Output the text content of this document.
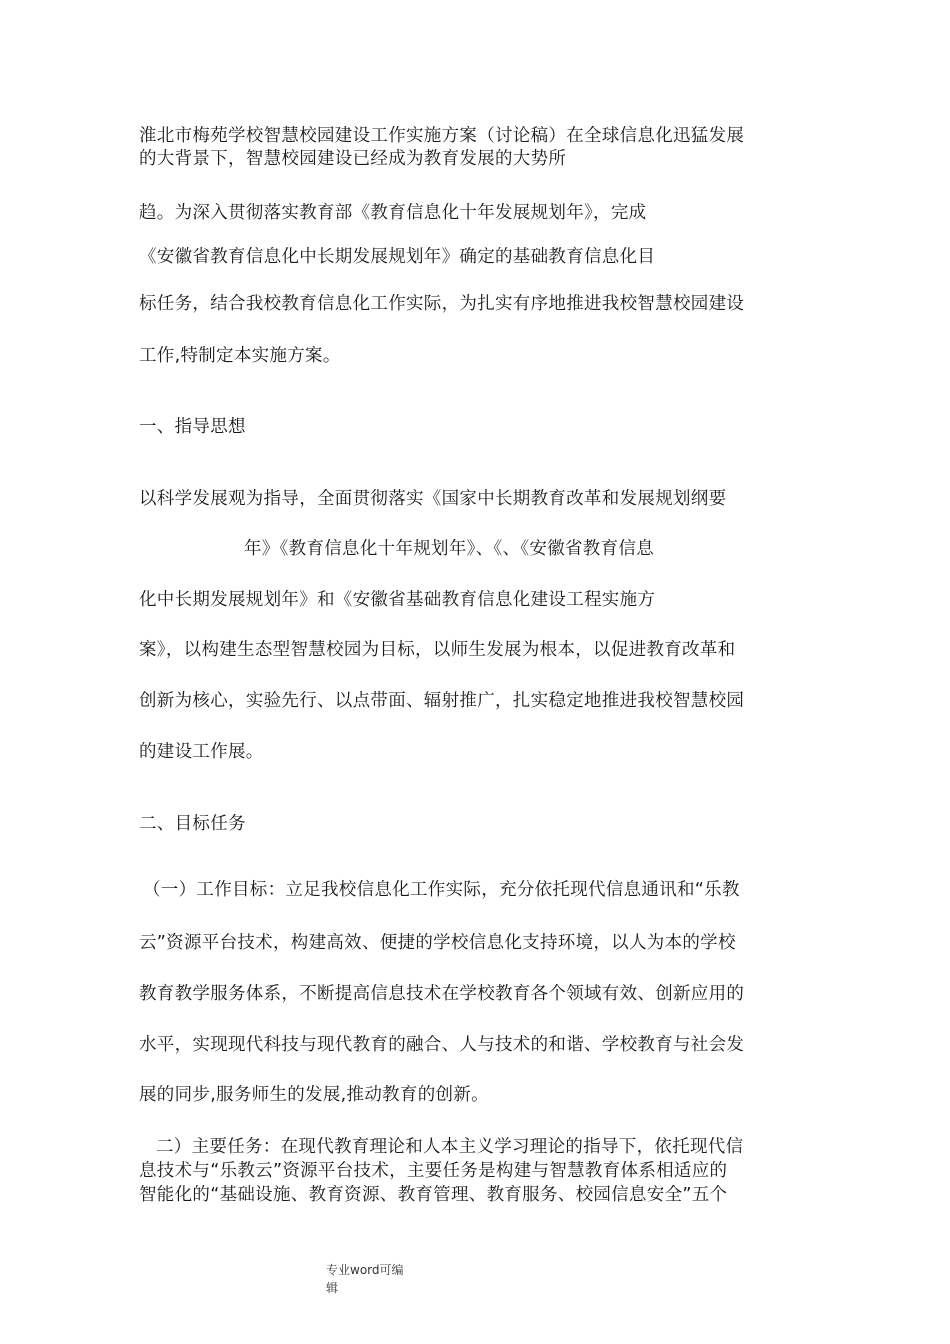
淮北市梅苑学校智慧校园建设工作实施方案（讨论稿）在全球信息化迅猛发展
的大背景下，智慧校园建设已经成为教育发展的大势所
趋。为深入贯彻落实教育部《教育信息化十年发展规划年》，完成
《安徽省教育信息化中长期发展规划年》确定的基础教育信息化目
标任务，结合我校教育信息化工作实际，为扎实有序地推进我校智慧校园建设
工作,特制定本实施方案。
一、指导思想
以科学发展观为指导，全面贯彻落实《国家中长期教育改革和发展规划纲要
年》《教育信息化十年规划年》、《、《安徽省教育信息
化中长期发展规划年》和《安徽省基础教育信息化建设工程实施方
案》，以构建生态型智慧校园为目标，以师生发展为根本，以促进教育改革和
创新为核心，实验先行、以点带面、辐射推广，扎实稳定地推进我校智慧校园
的建设工作展。
二、目标任务
（一）工作目标：立足我校信息化工作实际，充分依托现代信息通讯和“乐教
云”资源平台技术，构建高效、便捷的学校信息化支持环境，以人为本的学校
教育教学服务体系，不断提高信息技术在学校教育各个领域有效、创新应用的
水平，实现现代科技与现代教育的融合、人与技术的和谐、学校教育与社会发
展的同步,服务师生的发展,推动教育的创新。
二）主要任务：在现代教育理论和人本主义学习理论的指导下，依托现代信
息技术与“乐教云”资源平台技术，主要任务是构建与智慧教育体系相适应的
智能化的“基础设施、教育资源、教育管理、教育服务、校园信息安全”五个
专业word可编
辑
